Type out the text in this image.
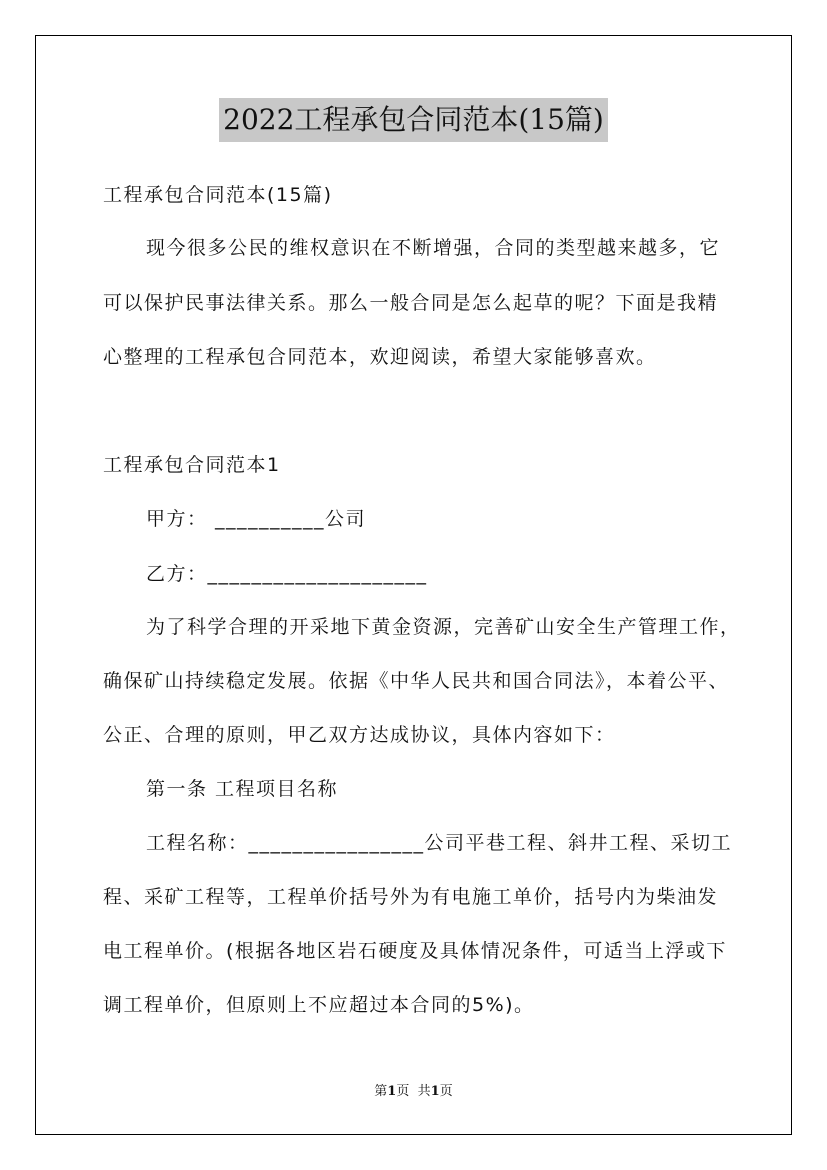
2022工程承包合同范本(15篇)
工程承包合同范本(15篇)
现今很多公民的维权意识在不断增强，合同的类型越来越多，它
可以保护民事法律关系。那么一般合同是怎么起草的呢？下面是我精
心整理的工程承包合同范本，欢迎阅读，希望大家能够喜欢。
工程承包合同范本1
甲方： __________公司
乙方：____________________
为了科学合理的开采地下黄金资源，完善矿山安全生产管理工作，
确保矿山持续稳定发展。依据《中华人民共和国合同法》，本着公平、
公正、合理的原则，甲乙双方达成协议，具体内容如下：
第一条 工程项目名称
工程名称：________________公司平巷工程、斜井工程、采切工
程、采矿工程等，工程单价括号外为有电施工单价，括号内为柴油发
电工程单价。(根据各地区岩石硬度及具体情况条件，可适当上浮或下
调工程单价，但原则上不应超过本合同的5%)。
第1页 共1页
